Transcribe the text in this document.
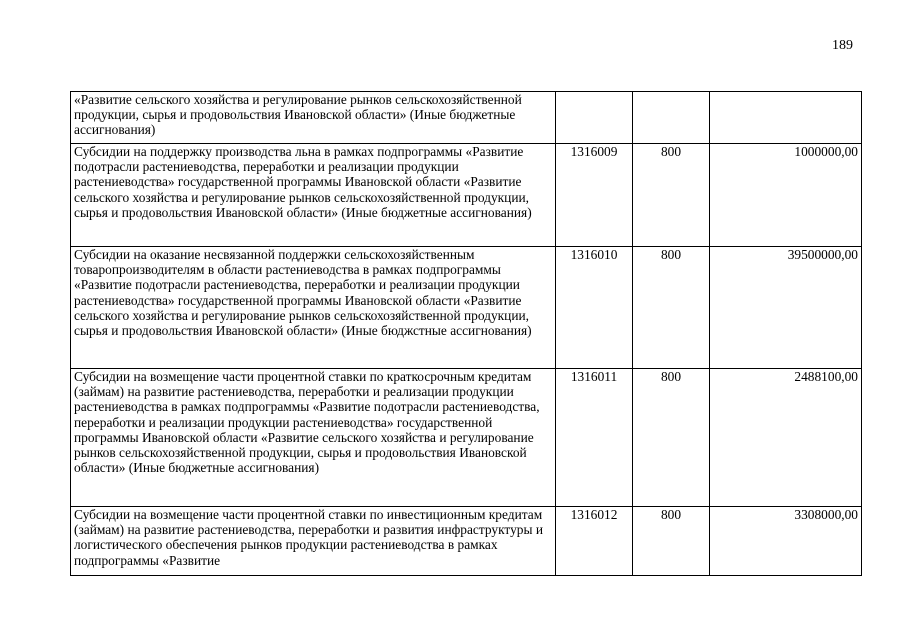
189
«Развитие сельского хозяйства и регулирование рынков сельскохозяйственной продукции, сырья и продовольствия Ивановской области» (Иные бюджетные ассигнования)			

Субсидии на поддержку производства льна в рамках подпрограммы «Развитие подотрасли растениеводства, переработки и реализации продукции растениеводства» государственной программы Ивановской области «Развитие сельского хозяйства и регулирование рынков сельскохозяйственной продукции, сырья и продовольствия Ивановской области» (Иные бюджетные ассигнования)	1316009	800	1000000,00

Субсидии на оказание несвязанной поддержки сельскохозяйственным товаропроизводителям в области растениеводства в рамках подпрограммы «Развитие подотрасли растениеводства, переработки и реализации продукции растениеводства» государственной программы Ивановской области «Развитие сельского хозяйства и регулирование рынков сельскохозяйственной продукции, сырья и продовольствия Ивановской области» (Иные бюджстные ассигнования)	1316010	800	39500000,00

Субсидии на возмещение части процентной ставки по краткосрочным кредитам (займам) на развитие растениеводства, переработки и реализации продукции растениеводства в рамках подпрограммы «Развитие подотрасли растениеводства, переработки и реализации продукции растениеводства» государственной программы Ивановской области «Развитие сельского хозяйства и регулирование рынков сельскохозяйственной продукции, сырья и продовольствия Ивановской области» (Иные бюджетные ассигнования)	1316011	800	2488100,00

Субсидии на возмещение части процентной ставки по инвестиционным кредитам (займам) на развитие растениеводства, переработки и развития инфраструктуры и логистического обеспечения рынков продукции растениеводства в рамках подпрограммы «Развитие	1316012	800	3308000,00
